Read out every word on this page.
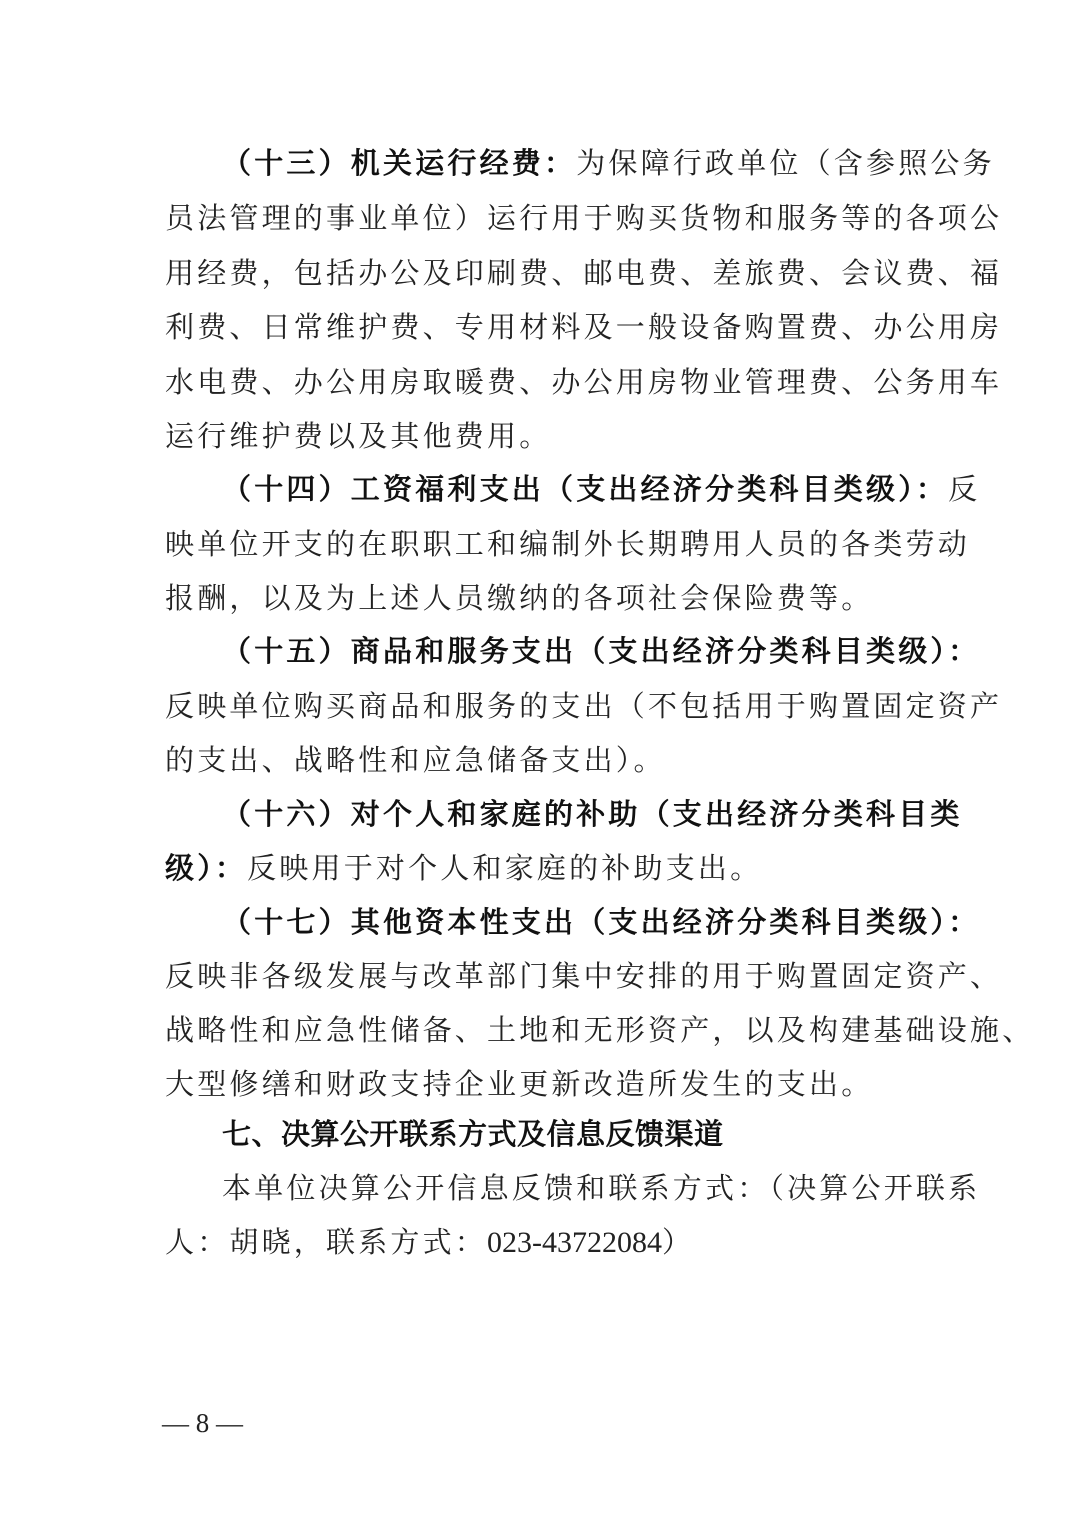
（十三）机关运行经费：为保障行政单位（含参照公务
员法管理的事业单位）运行用于购买货物和服务等的各项公
用经费，包括办公及印刷费、邮电费、差旅费、会议费、福
利费、日常维护费、专用材料及一般设备购置费、办公用房
水电费、办公用房取暖费、办公用房物业管理费、公务用车
运行维护费以及其他费用。
（十四）工资福利支出（支出经济分类科目类级）：反
映单位开支的在职职工和编制外长期聘用人员的各类劳动
报酬，以及为上述人员缴纳的各项社会保险费等。
（十五）商品和服务支出（支出经济分类科目类级）：
反映单位购买商品和服务的支出（不包括用于购置固定资产
的支出、战略性和应急储备支出）。
（十六）对个人和家庭的补助（支出经济分类科目类
级）：反映用于对个人和家庭的补助支出。
（十七）其他资本性支出（支出经济分类科目类级）：
反映非各级发展与改革部门集中安排的用于购置固定资产、
战略性和应急性储备、土地和无形资产，以及构建基础设施、
大型修缮和财政支持企业更新改造所发生的支出。
七、决算公开联系方式及信息反馈渠道
本单位决算公开信息反馈和联系方式：（决算公开联系
人：胡晓，联系方式：023-43722084）
— 8 —
